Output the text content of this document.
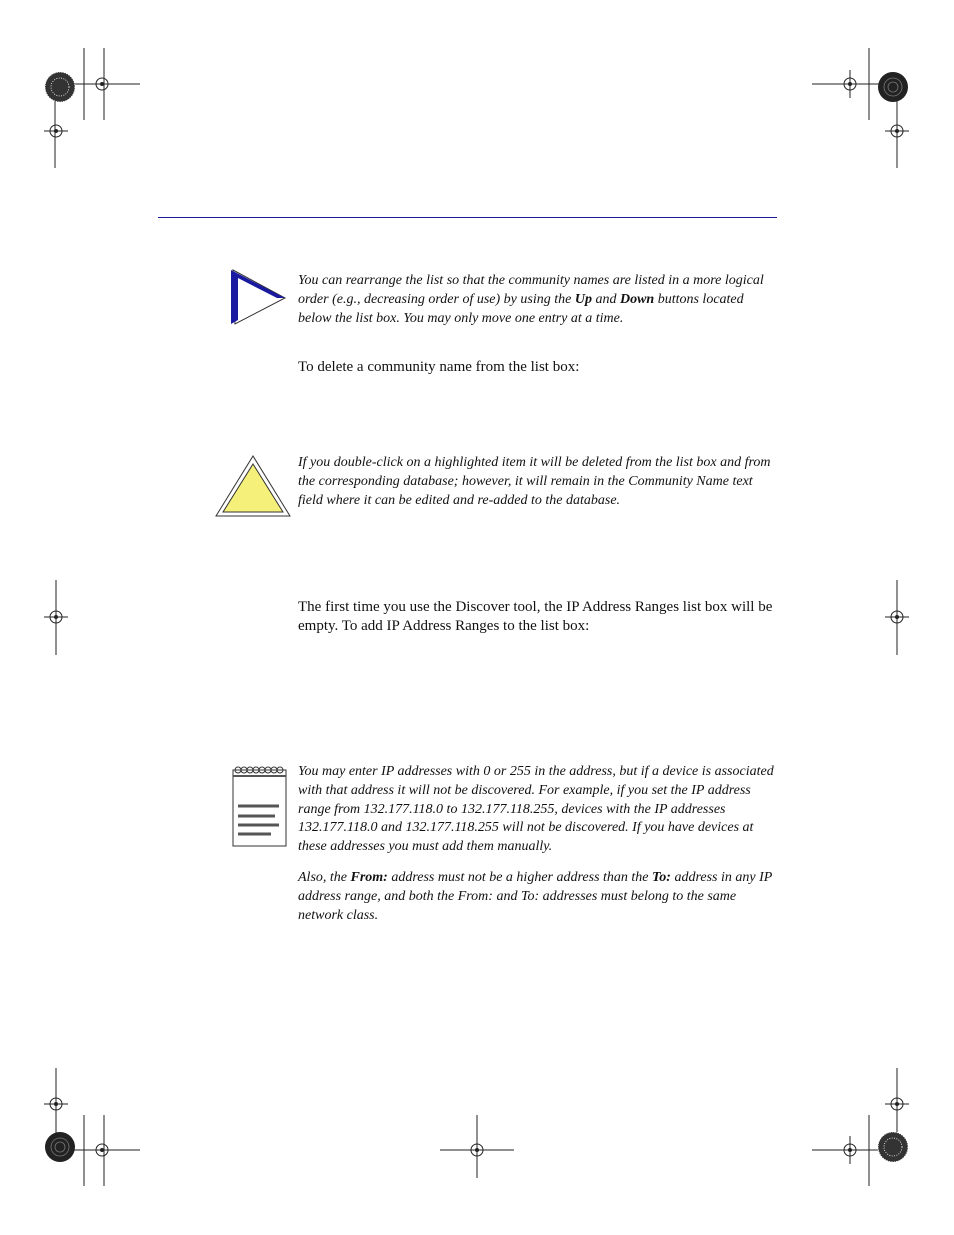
You can rearrange the list so that the community names are listed in a more logical order (e.g., decreasing order of use) by using the Up and Down buttons located below the list box. You may only move one entry at a time.
To delete a community name from the list box:
If you double-click on a highlighted item it will be deleted from the list box and from the corresponding database; however, it will remain in the Community Name text field where it can be edited and re-added to the database.
The first time you use the Discover tool, the IP Address Ranges list box will be empty. To add IP Address Ranges to the list box:
You may enter IP addresses with 0 or 255 in the address, but if a device is associated with that address it will not be discovered. For example, if you set the IP address range from 132.177.118.0 to 132.177.118.255, devices with the IP addresses 132.177.118.0 and 132.177.118.255 will not be discovered. If you have devices at these addresses you must add them manually.
Also, the From: address must not be a higher address than the To: address in any IP address range, and both the From: and To: addresses must belong to the same network class.
